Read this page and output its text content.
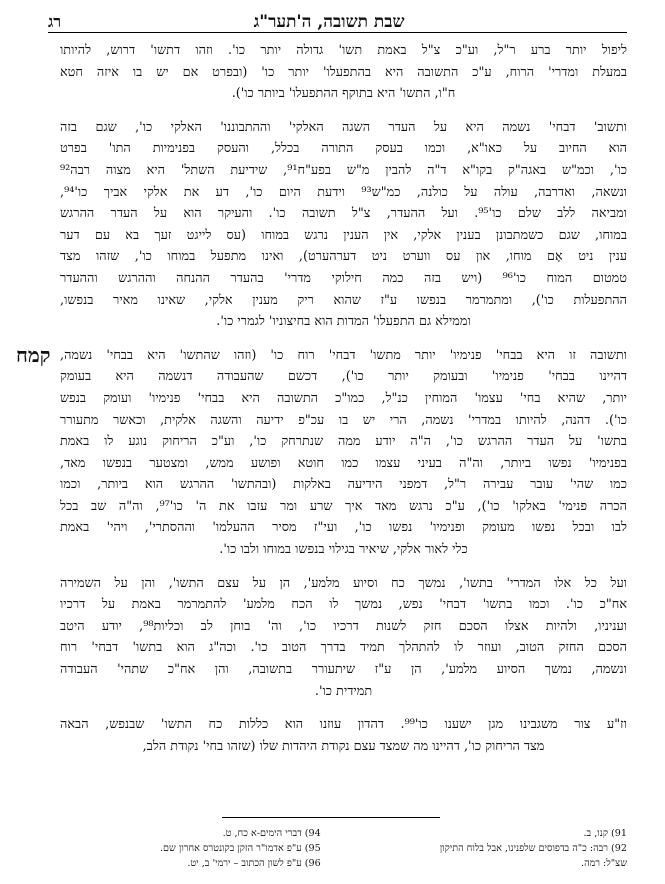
שבת תשובה, ה'תער"ג
רג
ליפול יותר ברע ר"ל, וע"כ צ"ל באמת תשו' גדולה יותר כו'. וזהו דתשו' דרוש, להיותו
במעלת ומדרי' הרוח, ע"כ התשובה היא בהתפעלו' יותר כו' (ובפרט אם יש בו איזה חטא
ח"ו, התשו' היא בתוקף ההתפעלו' ביותר כו').
ותשוב' דבחי' נשמה היא על העדר השגה האלקי' וההתבוננו' האלקי כו', שגם בזה
הוא החיוב על כאו"א, וכמו בעסק התורה בכלל, והעסק בפנימיות התו' בפרט
כו', וכמ"ש באגה"ק בקו"א ד"ה להבין מ"ש בפע"ח⁹¹, שידיעת השתל' היא מצוה רבה⁹²
ונשאה, ואדרבה, עולה על כולנה, כמ"ש⁹³ וידעת היום כו', דע את אלקי אביך כו'⁹⁴,
ומביאה ללב שלם כו'⁹⁵. ועל ההעדר, צ"ל תשובה כו'. והעיקר הוא על העדר ההרגש
במוחו, שגם כשמתבונן בענין אלקי, אין הענין נרגש במוחו (עס לייגט זעך בא עם דער
ענין ניט אָם מוחו, און עס ווערט ניט דערהערט), ואינו מתפעל במוחו כו', שזהו מצד
טמטום המוח כו'⁹⁶ (ויש בזה כמה חילוקי מדרי' בהעדר ההנחה וההרגש וההעדר
ההתפעלות כו'), ומתמרמר בנפשו ע"ז שהוא ריק מענין אלקי, שאינו מאיר בנפשו,
וממילא גם התפעלו' המדות הוא בחיצוניו' לגמרי כו'.
ותשובה זו היא בבחי' פנימיו' יותר מתשו' דבחי' רוח כו' (וזהו שהתשו' היא בבחי' נשמה,
דהיינו בבחי' פנימיו' ובעומק יותר כו'), דכשם שהעבודה דנשמה היא בעומק
יותר, שהיא בחי' עצמו' המוחין כנ"ל, כמו"כ התשובה היא בבחי' פנימיו' ועומק בנפש
כו'). דהנה, להיותו במדרי' נשמה, הרי יש בו עכ"פ ידיעה והשגה אלקית, וכאשר מתעורר
בתשו' על העדר ההרגש כו', ה"ה יודע ממה שנתרחק כו', וע"כ הריחוק נוגע לו באמת
בפנימיו' נפשו ביותר, וה"ה בעיני עצמו כמו חוטא ופושע ממש, ומצטער בנפשו מאד,
כמו שהי' עובר עבירה ר"ל, דמפני הידיעה באלקות (ובהתשו' ההרגש הוא ביותר, וכמו
הכרה פנימי' באלקו' כו'), ע"כ נרגש מאד איך שרע ומר עזבו את ה' כו'⁹⁷, וה"ה שב בכל
לבו ובכל נפשו מעומק ופנימיו' נפשו כו', ועי"ז מסיר ההעלמו' וההסתרי', ויהי' באמת
כלי לאור אלקי, שיאיר בגילוי בנפשו במוחו ולבו כו'.
ועל כל אלו המדרי' בתשו', נמשך כח וסיוע מלמע', הן על עצם התשו', והן על השמירה
אח"כ כו'. וכמו בתשו' דבחי' נפש, נמשך לו הכח מלמע' להתמרמר באמת על דרכיו
ועניניו, ולהיות אצלו הסכם חזק לשנות דרכיו כו', וה' בוחן לב וכליות⁹⁸, יודע היטב
הסכם החזק הטוב, ועוזר לו להתהלך תמיד בדרך הטוב כו'. וכה"ג הוא בתשו' דבחי' רוח
ונשמה, נמשך הסיוע מלמע', הן ע"ז שיתעורר בתשובה, והן אח"כ שתהי' העבודה
תמידית כו'.
וז"ע צור משגבינו מגן ישענו כו'⁹⁹. דהדון עוזנו הוא כללות כח התשו' שבנפש, הבאה
מצד הריחוק כו', דהיינו מה שמצד עצם נקודת היהדות שלו (שזהו בחי' נקודת הלב,
קמח
91) קנו, ב.
92) רבה: כ"ה בדפוסים שלפנינו, אבל בלוח התיקון
שצ"ל: רמה.
94) דברי הימים-א כח, ט.
95) ע"פ אדמו"ר הזקן בקונטרס אחרון שם.
96) ע"פ לשון הכתוב – ירמי' ב, יט.
